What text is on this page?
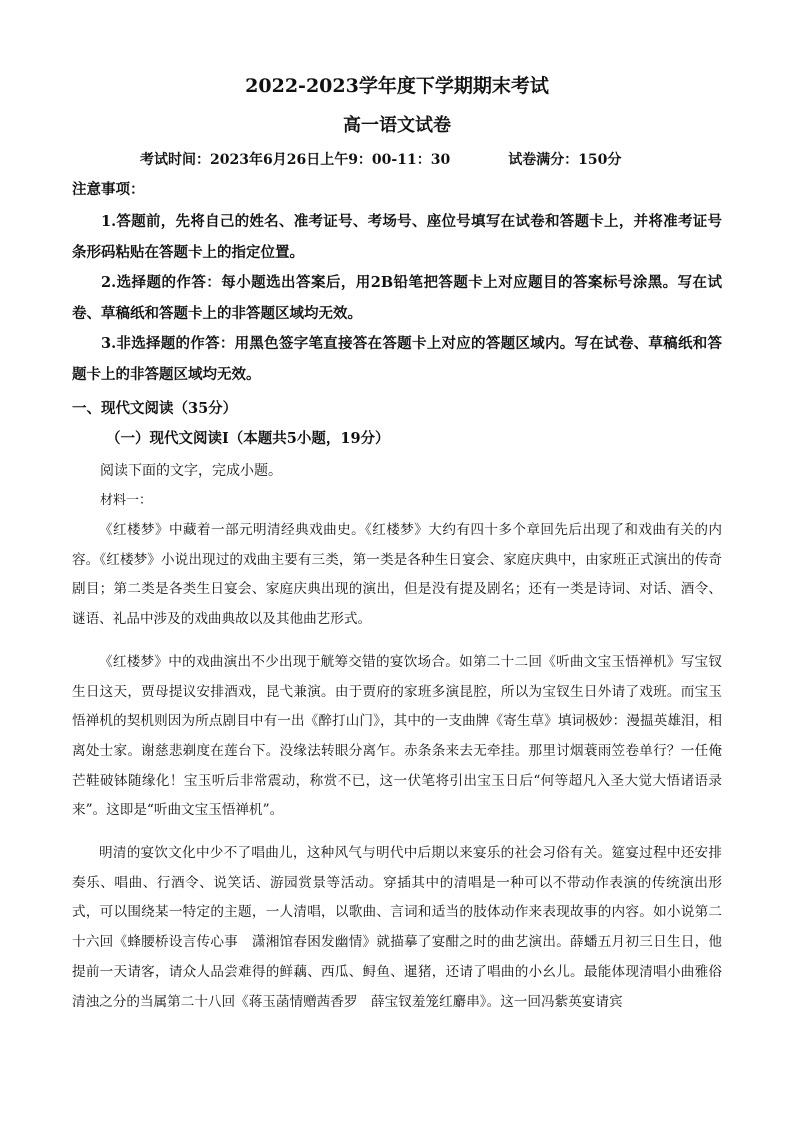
2022-2023学年度下学期期末考试
高一语文试卷
考试时间：2023年6月26日上午9：00-11：30	试卷满分：150分
注意事项：

1.答题前，先将自己的姓名、准考证号、考场号、座位号填写在试卷和答题卡上，并将准考证号条形码粘贴在答题卡上的指定位置。

2.选择题的作答：每小题选出答案后，用2B铅笔把答题卡上对应题目的答案标号涂黑。写在试卷、草稿纸和答题卡上的非答题区域均无效。

3.非选择题的作答：用黑色签字笔直接答在答题卡上对应的答题区域内。写在试卷、草稿纸和答题卡上的非答题区域均无效。

一、现代文阅读（35分）
（一）现代文阅读Ⅰ（本题共5小题，19分）
阅读下面的文字，完成小题。
材料一：

《红楼梦》中藏着一部元明清经典戏曲史。《红楼梦》大约有四十多个章回先后出现了和戏曲有关的内容。《红楼梦》小说出现过的戏曲主要有三类，第一类是各种生日宴会、家庭庆典中，由家班正式演出的传奇剧目；第二类是各类生日宴会、家庭庆典出现的演出，但是没有提及剧名；还有一类是诗词、对话、酒令、谜语、礼品中涉及的戏曲典故以及其他曲艺形式。

《红楼梦》中的戏曲演出不少出现于觥筹交错的宴饮场合。如第二十二回《听曲文宝玉悟禅机》写宝钗生日这天，贾母提议安排酒戏，昆弋兼演。由于贾府的家班多演昆腔，所以为宝钗生日外请了戏班。而宝玉悟禅机的契机则因为所点剧目中有一出《醉打山门》，其中的一支曲牌《寄生草》填词极妙：漫揾英雄泪，相离处士家。谢慈悲剃度在莲台下。没缘法转眼分离乍。赤条条来去无牵挂。那里讨烟蓑雨笠卷单行？一任俺芒鞋破钵随缘化！宝玉听后非常震动，称赏不已，这一伏笔将引出宝玉日后“何等超凡入圣大觉大悟诸语录来”。这即是“听曲文宝玉悟禅机”。

明清的宴饮文化中少不了唱曲儿，这种风气与明代中后期以来宴乐的社会习俗有关。筵宴过程中还安排奏乐、唱曲、行酒令、说笑话、游园赏景等活动。穿插其中的清唱是一种可以不带动作表演的传统演出形式，可以围绕某一特定的主题，一人清唱，以歌曲、言词和适当的肢体动作来表现故事的内容。如小说第二十六回《蜂腰桥设言传心事　潇湘馆春困发幽情》就描摹了宴酣之时的曲艺演出。薛蟠五月初三日生日，他提前一天请客，请众人品尝难得的鲜藕、西瓜、鲟鱼、暹猪，还请了唱曲的小幺儿。最能体现清唱小曲雅俗清浊之分的当属第二十八回《蒋玉菡情赠茜香罗　薛宝钗羞笼红麝串》。这一回冯紫英宴请宾
